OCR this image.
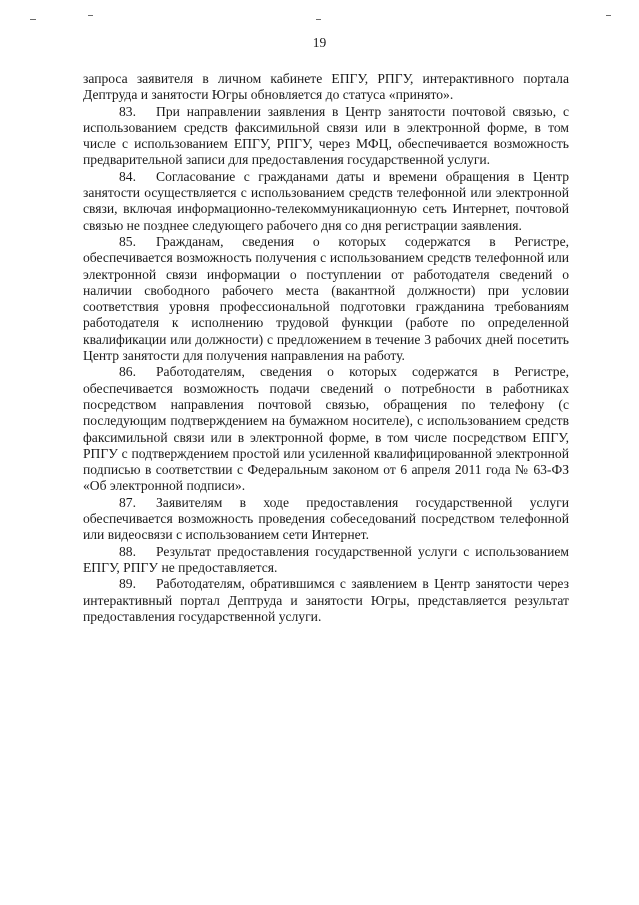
19

запроса заявителя в личном кабинете ЕПГУ, РПГУ, интерактивного портала Дептруда и занятости Югры обновляется до статуса «принято».

83. При направлении заявления в Центр занятости почтовой связью, с использованием средств факсимильной связи или в электронной форме, в том числе с использованием ЕПГУ, РПГУ, через МФЦ, обеспечивается возможность предварительной записи для предоставления государственной услуги.

84. Согласование с гражданами даты и времени обращения в Центр занятости осуществляется с использованием средств телефонной или электронной связи, включая информационно-телекоммуникационную сеть Интернет, почтовой связью не позднее следующего рабочего дня со дня регистрации заявления.

85. Гражданам, сведения о которых содержатся в Регистре, обеспечивается возможность получения с использованием средств телефонной или электронной связи информации о поступлении от работодателя сведений о наличии свободного рабочего места (вакантной должности) при условии соответствия уровня профессиональной подготовки гражданина требованиям работодателя к исполнению трудовой функции (работе по определенной квалификации или должности) с предложением в течение 3 рабочих дней посетить Центр занятости для получения направления на работу.

86. Работодателям, сведения о которых содержатся в Регистре, обеспечивается возможность подачи сведений о потребности в работниках посредством направления почтовой связью, обращения по телефону (с последующим подтверждением на бумажном носителе), с использованием средств факсимильной связи или в электронной форме, в том числе посредством ЕПГУ, РПГУ с подтверждением простой или усиленной квалифицированной электронной подписью в соответствии с Федеральным законом от 6 апреля 2011 года № 63-ФЗ «Об электронной подписи».

87. Заявителям в ходе предоставления государственной услуги обеспечивается возможность проведения собеседований посредством телефонной или видеосвязи с использованием сети Интернет.

88. Результат предоставления государственной услуги с использованием ЕПГУ, РПГУ не предоставляется.

89. Работодателям, обратившимся с заявлением в Центр занятости через интерактивный портал Дептруда и занятости Югры, представляется результат предоставления государственной услуги.
